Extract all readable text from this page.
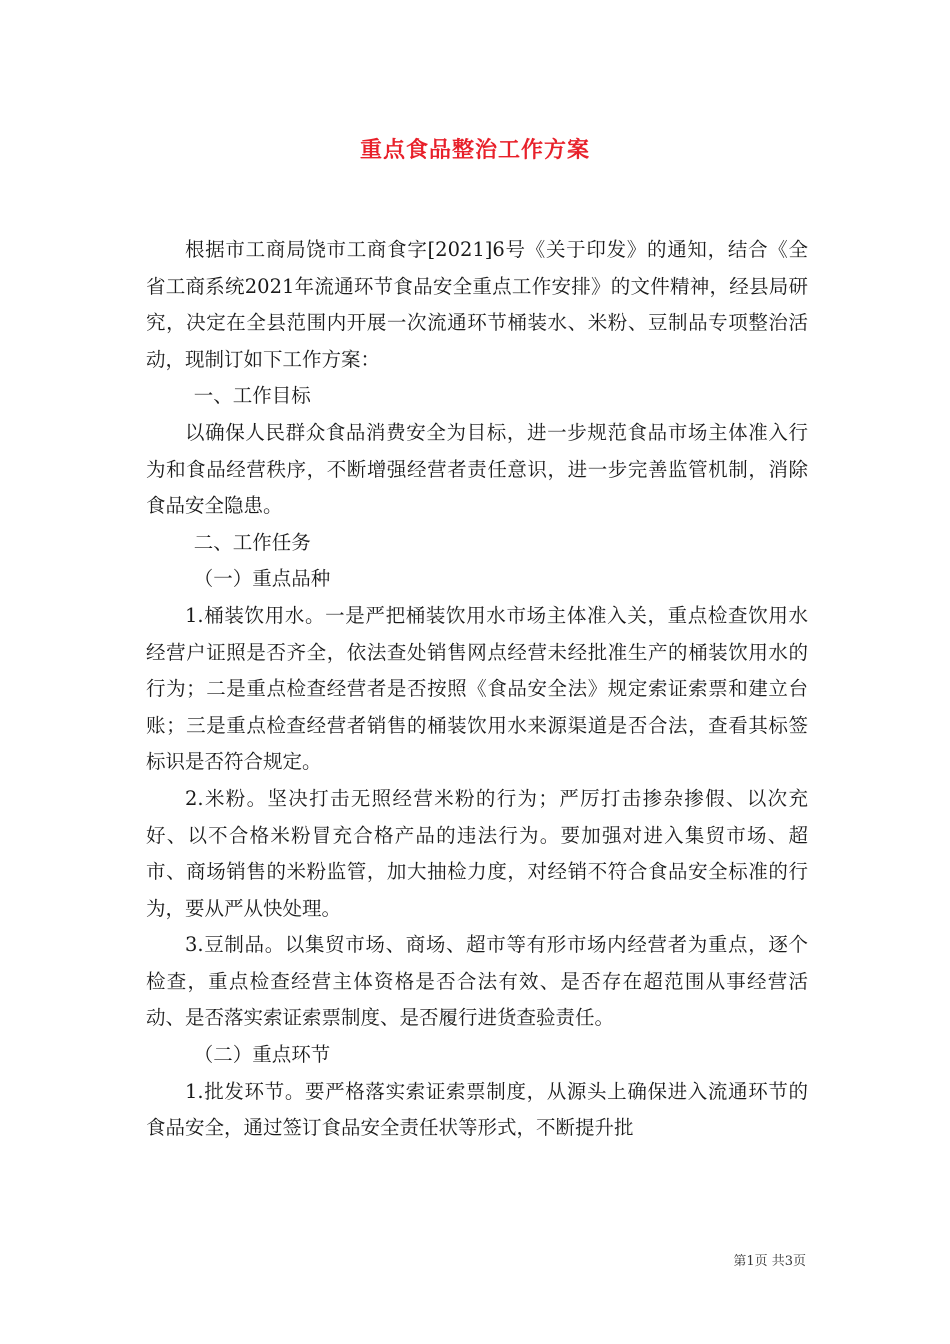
重点食品整治工作方案

根据市工商局饶市工商食字[2021]6号《关于印发》的通知，结合《全省工商系统2021年流通环节食品安全重点工作安排》的文件精神，经县局研究，决定在全县范围内开展一次流通环节桶装水、米粉、豆制品专项整治活动，现制订如下工作方案：

一、工作目标

以确保人民群众食品消费安全为目标，进一步规范食品市场主体准入行为和食品经营秩序，不断增强经营者责任意识，进一步完善监管机制，消除食品安全隐患。

二、工作任务

（一）重点品种

1.桶装饮用水。一是严把桶装饮用水市场主体准入关，重点检查饮用水经营户证照是否齐全，依法查处销售网点经营未经批准生产的桶装饮用水的行为；二是重点检查经营者是否按照《食品安全法》规定索证索票和建立台账；三是重点检查经营者销售的桶装饮用水来源渠道是否合法，查看其标签标识是否符合规定。

2.米粉。坚决打击无照经营米粉的行为；严厉打击掺杂掺假、以次充好、以不合格米粉冒充合格产品的违法行为。要加强对进入集贸市场、超市、商场销售的米粉监管，加大抽检力度，对经销不符合食品安全标准的行为，要从严从快处理。

3.豆制品。以集贸市场、商场、超市等有形市场内经营者为重点，逐个检查，重点检查经营主体资格是否合法有效、是否存在超范围从事经营活动、是否落实索证索票制度、是否履行进货查验责任。

（二）重点环节

1.批发环节。要严格落实索证索票制度，从源头上确保进入流通环节的食品安全，通过签订食品安全责任状等形式，不断提升批

第1页 共3页
